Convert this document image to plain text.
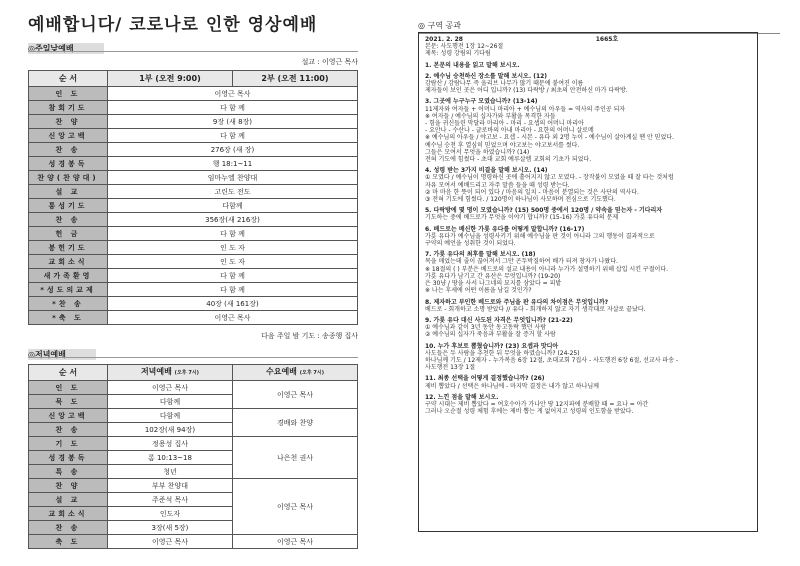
예배합니다/ 코로나로 인한 영상예배
◎주일낮예배
설교 : 이영근 목사
순 서	1부 (오전 9:00)	2부 (오전 11:00)
인 도	이영근 목사	
참회기도	다 함 께	
찬 양	9장 (새 8장)	
신앙고백	다 함 께	
찬 송	276장 (새 장)	
성경봉독	행 18:1~11	
찬양(찬양대)	임마누엘 찬양대	
설 교	고린도 전도	
통성기도	다함께	
찬 송	356장(새 216장)	
헌 금	다 함 께	
봉헌기도	인 도 자	
교회소식	인 도 자	
새가족환영	다 함 께	
*성도의교제	다 함 께	
*찬 송	40장 (새 161장)	
*축 도	이영근 목사	
다음 주일 밤 기도 : 송종행 집사
◎저녁예배
순 서	저녁예배 (오후 7시)	수요예배 (오후 7시)
인 도	이영근 목사	이영근 목사
묵 도	다함께	
신앙고백	다함께	경배와 찬양
찬 송	102장(새 94장)	
기 도	정용성 집사	나은천 권사
성경봉독	롬 10:13~18	
특 송	청년	
찬 양	부부 찬양대	이영근 목사
설 교	주준석 목사	
교회소식	인도자	
찬 송	3장(새 5장)	
축 도	이영근 목사	이영근 목사
◎ 구역 공과
2021. 2. 28	1665호
본문: 사도행전 1장 12~26절
제목: 성령 강림의 기다림
1. 본문의 내용을 읽고 말해 보시오.
2. 예수님 승천하신 장소를 말해 보시오. (12)
감람산 / 감람나무 즉 올리브 나무가 많기 때문에 붙여진 이름
제자들이 보인 곳은 어디 입니까? (13) 다락방 / 최초의 안전하신 마가 다락방.
3. 그곳에 누구누구 모였습니까? (13-14)
11제자와 여자들 + 어머니 마리아 + 예수님의 아우들 = 역사의 주인공 되자
※ 여자들 / 예수님의 십자가와 부활을 목격한 자들
- 힘을 귀신들린 막달라 마리아 - 마리 - 요셉의 어머니 마리아
- 요안나 - 수산나 - 글로바의 아내 마리아 - 요한의 어머니 살로메
※ 예수님의 아우들 / 야고보 - 요셉 - 시몬 - 유다 외 2명 누이 - 예수님이 살아계실 땐 안 믿었다.
예수님 승천 후 열심히 믿었으며 야고보는 야고보서를 썼다.
그들은 모여서 무엇을 하였습니까? (14)
전혀 기도에 힘썼다 - 초대 교회 예루살렘 교회의 기초가 되었다.
4. 성령 받는 3가지 비결을 말해 보시오. (14)
① 모였다 / 예수님이 명령하신 곳에 흩어지지 않고 모였다. - 장작불이 모였을 때 잘 타는 것처럼
자유 모여서 예배드리고 자주 말씀 들을 때 성령 받는다.
② 마 마음 한 뜻이 되어 있다 / 마음의 일치 - 마음이 분열되는 것은 사단의 역사다.
③ 전혀 기도에 힘썼다. / 120명이 하나님이 사모하며 전심으로 기도했다.
5. 다락방에 몇 명이 모였습니까? (15) 500명 중에서 120명 / 약속을 믿는자 - 기다리자
기도하는 중에 베드로가 무엇을 이야기 합니까? (15-16) 가룟 유다의 문제
6. 베드로는 배신한 가룟 유다를 어떻게 말합니까? (16-17)
가룟 유다가 예수님을 성령사키기 위해 예수님을 판 것이 아니라 그의 행동이 결과적으로
구약의 예언을 성취한 것이 되었다.
7. 가룟 유다의 최후를 말해 보시오. (18)
목을 매었는데 줄이 끊어져서 그만 곤두박질하여 배가 터져 창자가 나왔다.
※ 18절의 ( ) 부분은 베드로의 설교 내용이 아니라 누가가 설명하기 위해 삽입 시킨 구절이다.
가룟 유다가 남기고 간 유산은 무엇입니까? (19-20)
은 30냥 / 땅을 사서 나그네의 묘지를 삼았다 = 피밭
※ 나는 후세에 어떤 이름을 남길 것인가?
8. 제자하고 부인한 베드로와 주님을 판 유다의 차이점은 무엇입니까?
베드로 - 회개하고 소명 받았다 // 유다 - 회개하지 않고 자기 생각대로 자살로 끝났다.
9. 가룟 유다 대신 사도된 자격은 무엇입니까? (21-22)
① 예수님과 같이 3년 동안 동고동락 했던 사람
② 예수님의 십자가 죽음과 부활을 잘 증거 할 사람
10. 누가 후보로 뽑혔습니까? (23) 요셉과 맛디아
사도들은 두 사람을 추천한 뒤 무엇을 하였습니까? (24-25)
하나님께 기도 / 12제자 - 누가복음 6장 12절, 초대교회 7집사 - 사도행전 6장 6절, 선교사 파송 -
사도행전 13장 1절
11. 최종 선택을 어떻게 결정했습니까? (26)
제비 뽑았다 / 선택은 하나님에 - 마지막 결정은 내가 않고 하나님께
12. 느낀 점을 말해 보시오.
구약 시대는 제비 뽑았다 = 여호수아가 가나안 땅 12지파에 분배할 때 = 요나 = 아간
그러나 오순절 성령 체험 후에는 제비 뽑는 게 없어지고 성령의 인도함을 받았다.
